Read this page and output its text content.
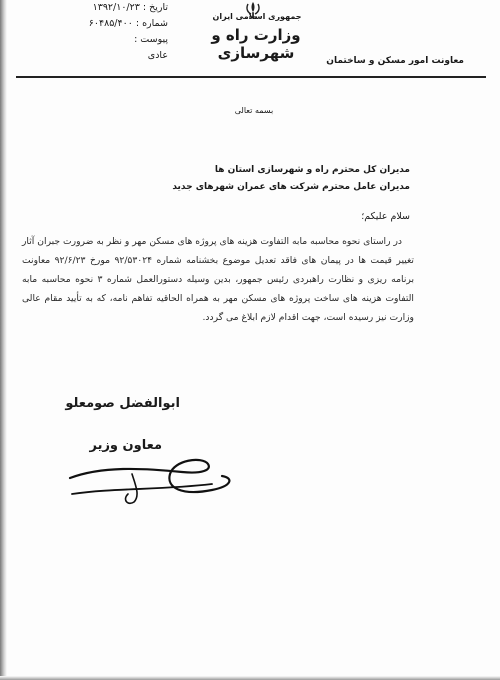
تاریخ : ۱۳۹۲/۱۰/۲۳
شماره : ۶۰۴۸۵/۴۰۰
پیوست :
عادی
جمهوری اسلامی ایران
وزارت راه و شهرسازی	معاونت امور مسکن و ساختمان
بسمه تعالی
مدیران کل محترم راه و شهرسازی استان ها
مدیران عامل محترم شرکت های عمران شهرهای جدید
سلام علیکم؛

در راستای نحوه محاسبه مابه التفاوت هزینه های پروژه های مسکن مهر و نظر به ضرورت جبران آثار تغییر قیمت ها در پیمان های فاقد تعدیل موضوع بخشنامه شماره ۹۲/۵۳۰۲۴ مورخ ۹۲/۶/۲۳ معاونت برنامه ریزی و نظارت راهبردی رئیس جمهور، بدین وسیله دستورالعمل شماره ۳ نحوه محاسبه مابه التفاوت هزینه های ساخت پروژه های مسکن مهر به همراه الحاقیه تفاهم نامه، که به تأیید مقام عالی وزارت نیز رسیده است، جهت اقدام لازم ابلاغ می گردد.

ابوالفضل صومعلو
معاون وزیر
